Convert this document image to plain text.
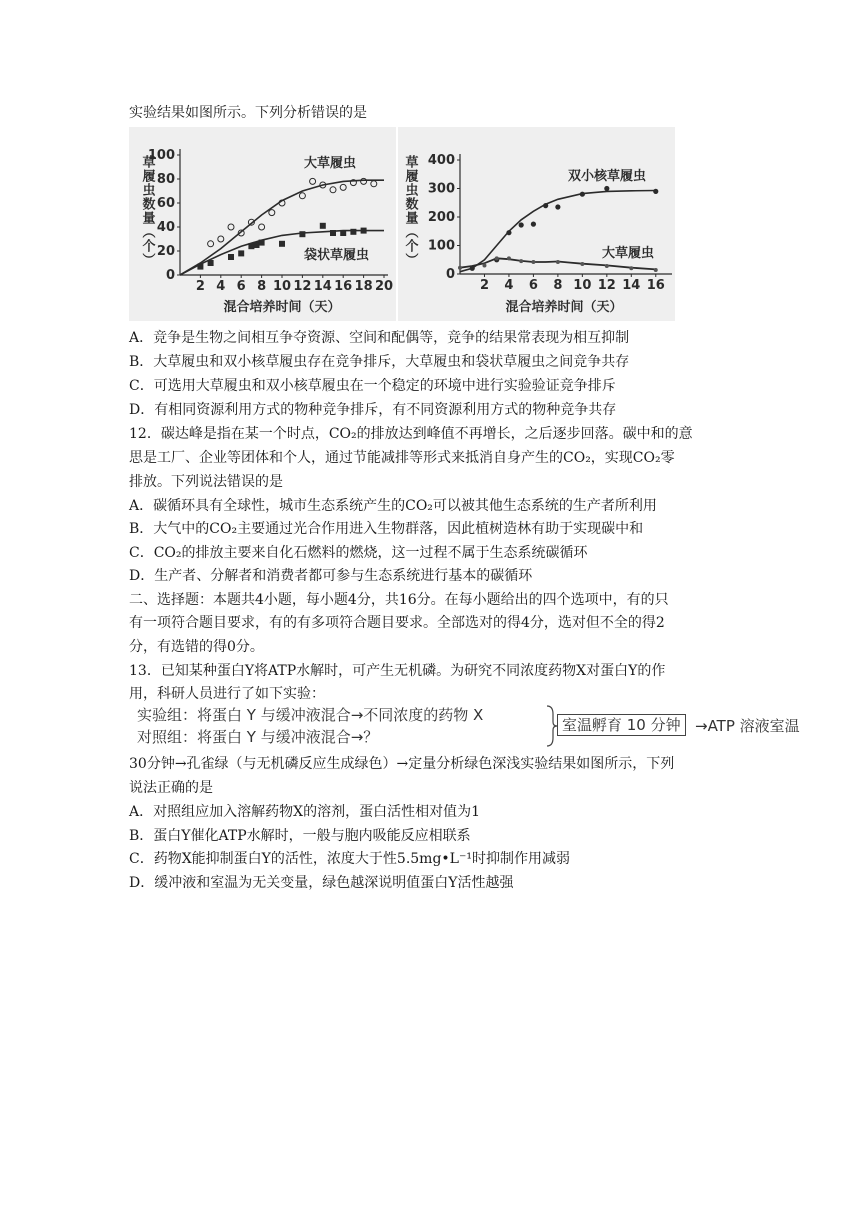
实验结果如图所示。下列分析错误的是
2 4 6 8 10 12 14 16 18 20
0
20
40
60
80
100
草履虫数量（个）
混合培养时间（天）
大草履虫
袋状草履虫
2 4 6 8 10 12 14 16
0
100
200
300
400
草履虫数量（个）
混合培养时间（天）
双小核草履虫
大草履虫
A．竞争是生物之间相互争夺资源、空间和配偶等，竞争的结果常表现为相互抑制
B．大草履虫和双小核草履虫存在竞争排斥，大草履虫和袋状草履虫之间竞争共存
C．可选用大草履虫和双小核草履虫在一个稳定的环境中进行实验验证竞争排斥
D．有相同资源利用方式的物种竞争排斥，有不同资源利用方式的物种竞争共存
12．碳达峰是指在某一个时点，CO₂的排放达到峰值不再增长，之后逐步回落。碳中和的意
思是工厂、企业等团体和个人，通过节能减排等形式来抵消自身产生的CO₂，实现CO₂零
排放。下列说法错误的是
A．碳循环具有全球性，城市生态系统产生的CO₂可以被其他生态系统的生产者所利用
B．大气中的CO₂主要通过光合作用进入生物群落，因此植树造林有助于实现碳中和
C．CO₂的排放主要来自化石燃料的燃烧，这一过程不属于生态系统碳循环
D．生产者、分解者和消费者都可参与生态系统进行基本的碳循环
二、选择题：本题共4小题，每小题4分，共16分。在每小题给出的四个选项中，有的只
有一项符合题目要求，有的有多项符合题目要求。全部选对的得4分，选对但不全的得2
分，有选错的得0分。
13．已知某种蛋白Y将ATP水解时，可产生无机磷。为研究不同浓度药物X对蛋白Y的作
用，科研人员进行了如下实验：
实验组：将蛋白 Y 与缓冲液混合→不同浓度的药物 X
对照组：将蛋白 Y 与缓冲液混合→？
室温孵育 10 分钟 →ATP 溶液室温
30分钟→孔雀绿（与无机磷反应生成绿色）→定量分析绿色深浅实验结果如图所示，下列
说法正确的是
A．对照组应加入溶解药物X的溶剂，蛋白活性相对值为1
B．蛋白Y催化ATP水解时，一般与胞内吸能反应相联系
C．药物X能抑制蛋白Y的活性，浓度大于性5.5mg•L⁻¹时抑制作用减弱
D．缓冲液和室温为无关变量，绿色越深说明值蛋白Y活性越强
